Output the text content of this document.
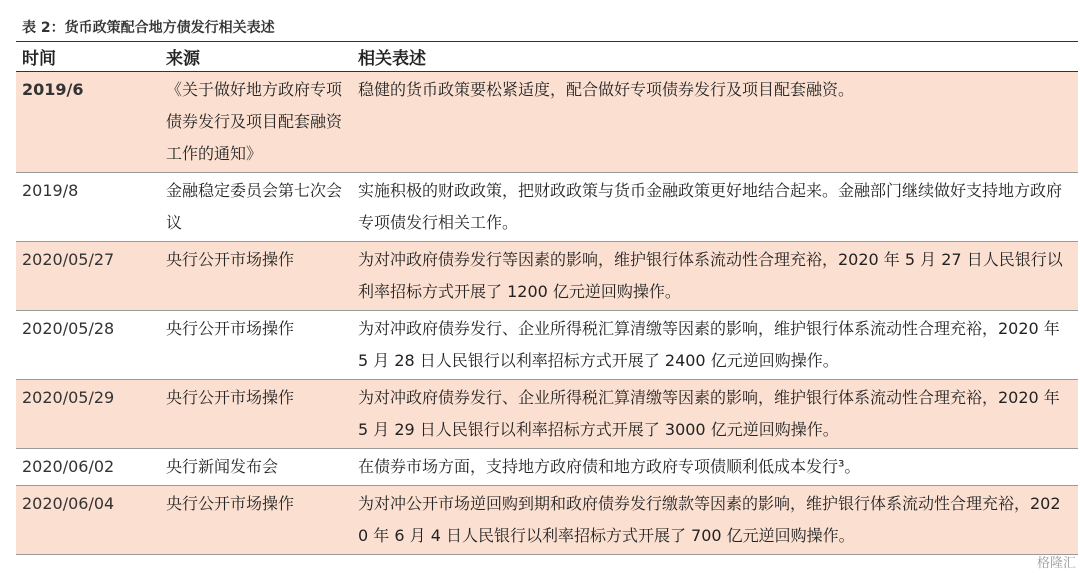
表 2：货币政策配合地方债发行相关表述
时间	来源	相关表述
2019/6	《关于做好地方政府专项债券发行及项目配套融资工作的通知》	稳健的货币政策要松紧适度，配合做好专项债券发行及项目配套融资。
2019/8	金融稳定委员会第七次会议	实施积极的财政政策，把财政政策与货币金融政策更好地结合起来。金融部门继续做好支持地方政府专项债发行相关工作。
2020/05/27	央行公开市场操作	为对冲政府债券发行等因素的影响，维护银行体系流动性合理充裕，2020 年 5 月 27 日人民银行以利率招标方式开展了 1200 亿元逆回购操作。
2020/05/28	央行公开市场操作	为对冲政府债券发行、企业所得税汇算清缴等因素的影响，维护银行体系流动性合理充裕，2020 年 5 月 28 日人民银行以利率招标方式开展了 2400 亿元逆回购操作。
2020/05/29	央行公开市场操作	为对冲政府债券发行、企业所得税汇算清缴等因素的影响，维护银行体系流动性合理充裕，2020 年 5 月 29 日人民银行以利率招标方式开展了 3000 亿元逆回购操作。
2020/06/02	央行新闻发布会	在债券市场方面，支持地方政府债和地方政府专项债顺利低成本发行³。
2020/06/04	央行公开市场操作	为对冲公开市场逆回购到期和政府债券发行缴款等因素的影响，维护银行体系流动性合理充裕，2020 年 6 月 4 日人民银行以利率招标方式开展了 700 亿元逆回购操作。
格隆汇
